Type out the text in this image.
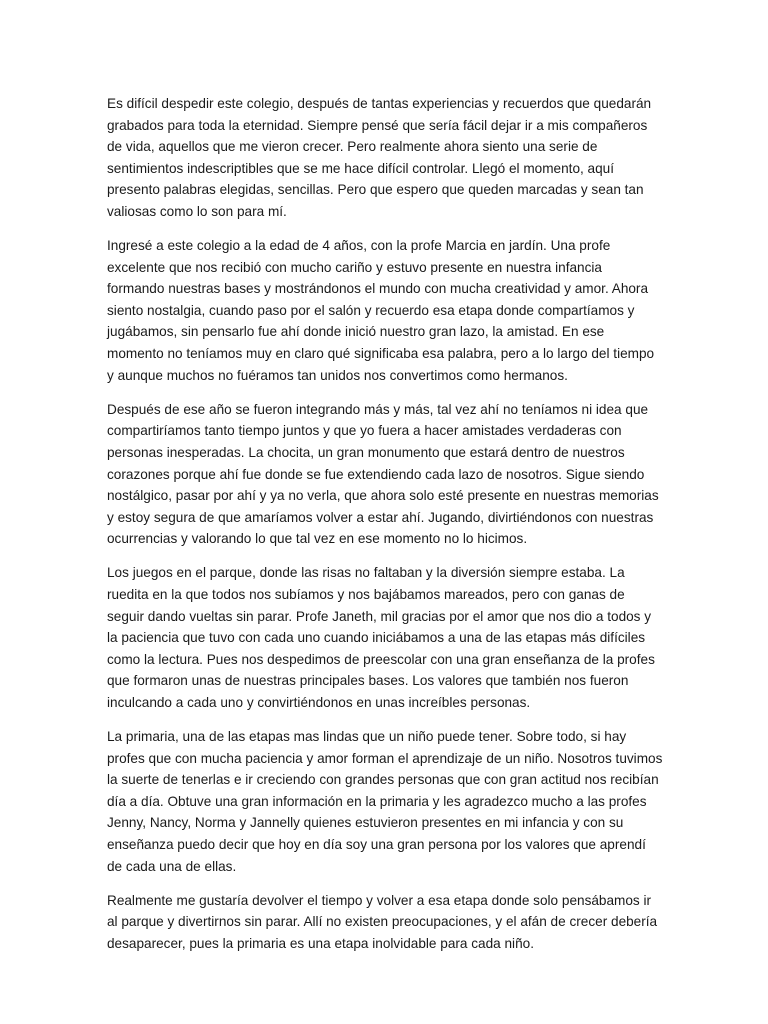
Es difícil despedir este colegio, después de tantas experiencias y recuerdos que quedarán grabados para toda la eternidad. Siempre pensé que sería fácil dejar ir a mis compañeros de vida, aquellos que me vieron crecer. Pero realmente ahora siento una serie de sentimientos indescriptibles que se me hace difícil controlar. Llegó el momento, aquí presento palabras elegidas, sencillas. Pero que espero que queden marcadas y sean tan valiosas como lo son para mí.

Ingresé a este colegio a la edad de 4 años, con la profe Marcia en jardín. Una profe excelente que nos recibió con mucho cariño y estuvo presente en nuestra infancia formando nuestras bases y mostrándonos el mundo con mucha creatividad y amor. Ahora siento nostalgia, cuando paso por el salón y recuerdo esa etapa donde compartíamos y jugábamos, sin pensarlo fue ahí donde inició nuestro gran lazo, la amistad. En ese momento no teníamos muy en claro qué significaba esa palabra, pero a lo largo del tiempo y aunque muchos no fuéramos tan unidos nos convertimos como hermanos.

Después de ese año se fueron integrando más y más, tal vez ahí no teníamos ni idea que compartiríamos tanto tiempo juntos y que yo fuera a hacer amistades verdaderas con personas inesperadas. La chocita, un gran monumento que estará dentro de nuestros corazones porque ahí fue donde se fue extendiendo cada lazo de nosotros. Sigue siendo nostálgico, pasar por ahí y ya no verla, que ahora solo esté presente en nuestras memorias y estoy segura de que amaríamos volver a estar ahí. Jugando, divirtiéndonos con nuestras ocurrencias y valorando lo que tal vez en ese momento no lo hicimos.

Los juegos en el parque, donde las risas no faltaban y la diversión siempre estaba. La ruedita en la que todos nos subíamos y nos bajábamos mareados, pero con ganas de seguir dando vueltas sin parar. Profe Janeth, mil gracias por el amor que nos dio a todos y la paciencia que tuvo con cada uno cuando iniciábamos a una de las etapas más difíciles como la lectura. Pues nos despedimos de preescolar con una gran enseñanza de la profes que formaron unas de nuestras principales bases. Los valores que también nos fueron inculcando a cada uno y convirtiéndonos en unas increíbles personas.

La primaria, una de las etapas mas lindas que un niño puede tener. Sobre todo, si hay profes que con mucha paciencia y amor forman el aprendizaje de un niño. Nosotros tuvimos la suerte de tenerlas e ir creciendo con grandes personas que con gran actitud nos recibían día a día. Obtuve una gran información en la primaria y les agradezco mucho a las profes Jenny, Nancy, Norma y Jannelly quienes estuvieron presentes en mi infancia y con su enseñanza puedo decir que hoy en día soy una gran persona por los valores que aprendí de cada una de ellas.

Realmente me gustaría devolver el tiempo y volver a esa etapa donde solo pensábamos ir al parque y divertirnos sin parar. Allí no existen preocupaciones, y el afán de crecer debería desaparecer, pues la primaria es una etapa inolvidable para cada niño.
